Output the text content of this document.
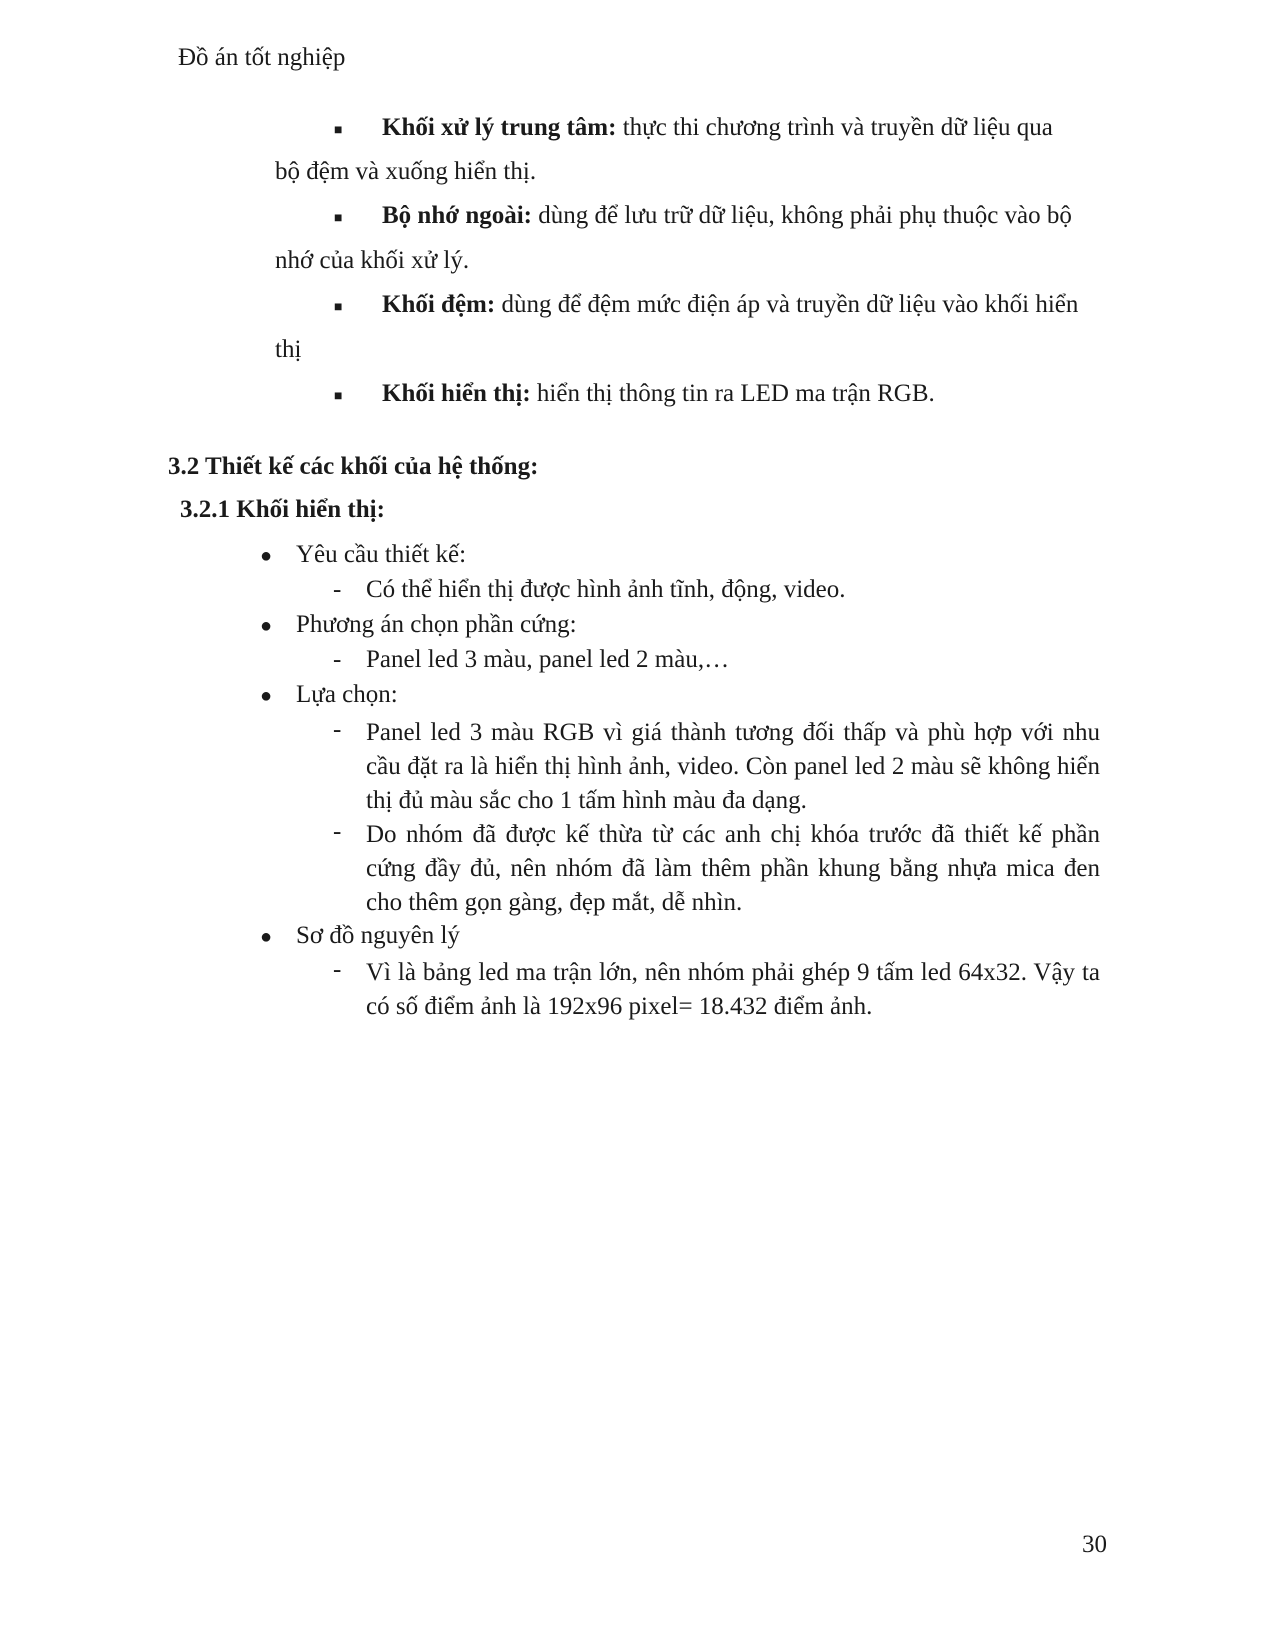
Đồ án tốt nghiệp
■ Khối xử lý trung tâm: thực thi chương trình và truyền dữ liệu qua
bộ đệm và xuống hiển thị.
■ Bộ nhớ ngoài: dùng để lưu trữ dữ liệu, không phải phụ thuộc vào bộ
nhớ của khối xử lý.
■ Khối đệm: dùng để đệm mức điện áp và truyền dữ liệu vào khối hiển
thị
■ Khối hiển thị: hiển thị thông tin ra LED ma trận RGB.
3.2 Thiết kế các khối của hệ thống:
3.2.1 Khối hiển thị:
● Yêu cầu thiết kế:
- Có thể hiển thị được hình ảnh tĩnh, động, video.
● Phương án chọn phần cứng:
- Panel led 3 màu, panel led 2 màu,…
● Lựa chọn:
- Panel led 3 màu RGB vì giá thành tương đối thấp và phù hợp với nhu cầu đặt ra là hiển thị hình ảnh, video. Còn panel led 2 màu sẽ không hiển thị đủ màu sắc cho 1 tấm hình màu đa dạng.
- Do nhóm đã được kế thừa từ các anh chị khóa trước đã thiết kế phần cứng đầy đủ, nên nhóm đã làm thêm phần khung bằng nhựa mica đen cho thêm gọn gàng, đẹp mắt, dễ nhìn.
● Sơ đồ nguyên lý
- Vì là bảng led ma trận lớn, nên nhóm phải ghép 9 tấm led 64x32. Vậy ta có số điểm ảnh là 192x96 pixel= 18.432 điểm ảnh.
30
